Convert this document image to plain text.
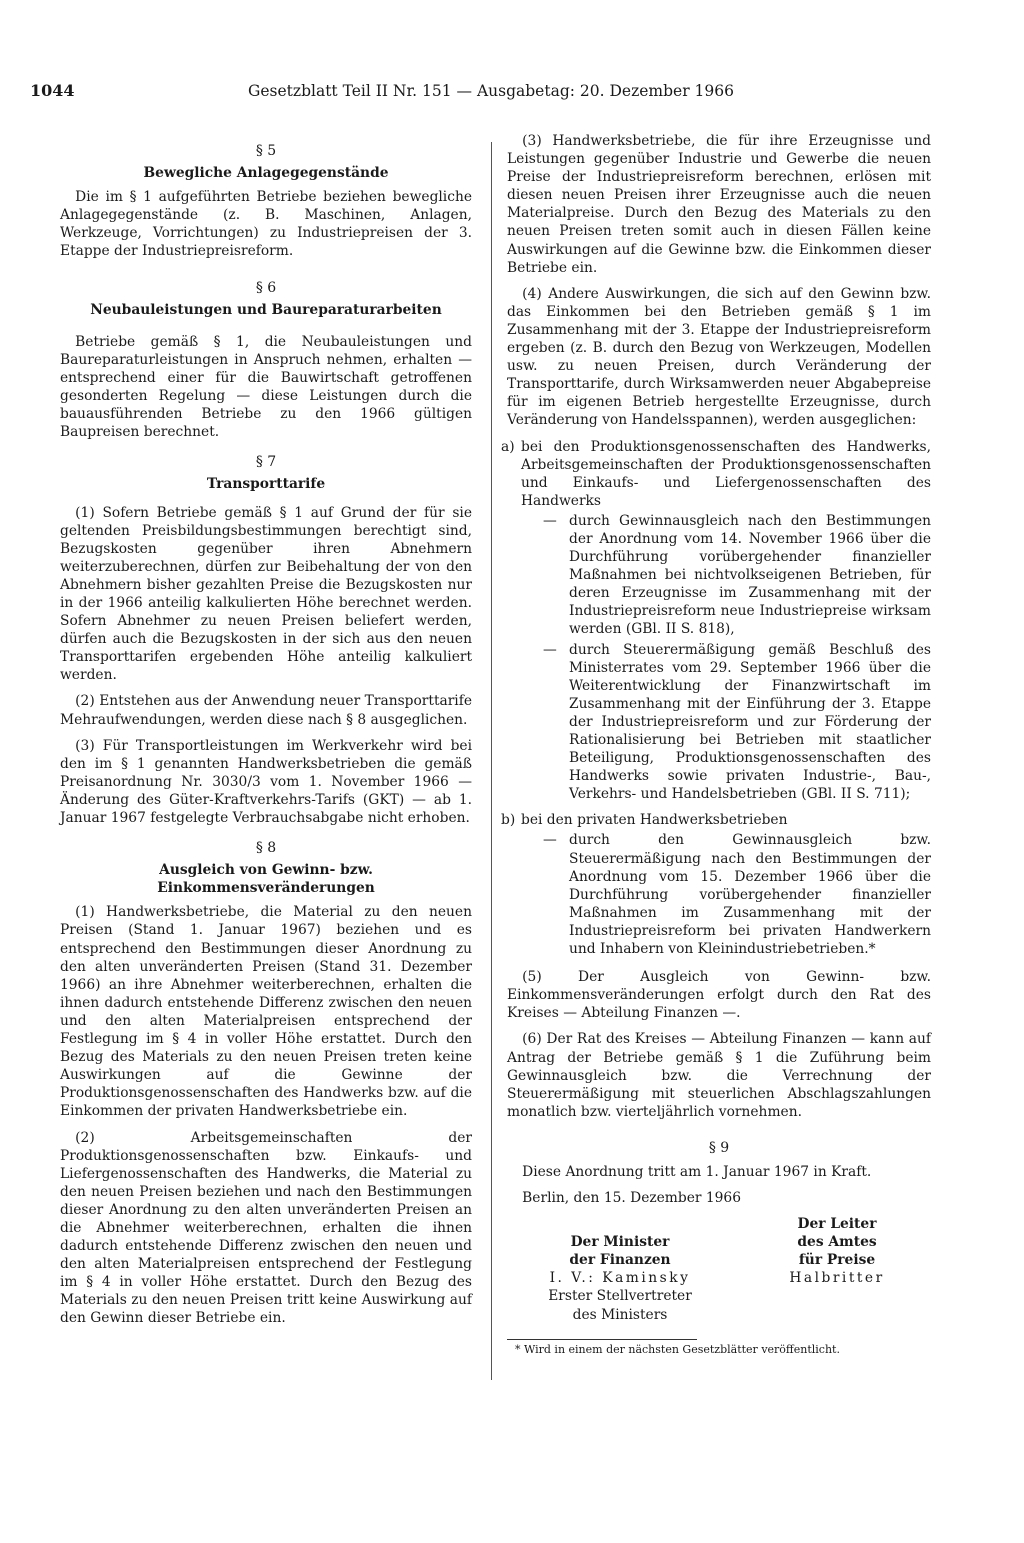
1044	Gesetzblatt Teil II Nr. 151 — Ausgabetag: 20. Dezember 1966
§ 5
Bewegliche Anlagegegenstände

Die im § 1 aufgeführten Betriebe beziehen bewegliche Anlagegegenstände (z. B. Maschinen, Anlagen, Werkzeuge, Vorrichtungen) zu Industriepreisen der 3. Etappe der Industriepreisreform.

§ 6
Neubauleistungen und Baureparaturarbeiten

Betriebe gemäß § 1, die Neubauleistungen und Baureparaturleistungen in Anspruch nehmen, erhalten — entsprechend einer für die Bauwirtschaft getroffenen gesonderten Regelung — diese Leistungen durch die bauausführenden Betriebe zu den 1966 gültigen Baupreisen berechnet.

§ 7
Transporttarife

(1) Sofern Betriebe gemäß § 1 auf Grund der für sie geltenden Preisbildungsbestimmungen berechtigt sind, Bezugskosten gegenüber ihren Abnehmern weiterzuberechnen, dürfen zur Beibehaltung der von den Abnehmern bisher gezahlten Preise die Bezugskosten nur in der 1966 anteilig kalkulierten Höhe berechnet werden. Sofern Abnehmer zu neuen Preisen beliefert werden, dürfen auch die Bezugskosten in der sich aus den neuen Transporttarifen ergebenden Höhe anteilig kalkuliert werden.

(2) Entstehen aus der Anwendung neuer Transporttarife Mehraufwendungen, werden diese nach § 8 ausgeglichen.

(3) Für Transportleistungen im Werkverkehr wird bei den im § 1 genannten Handwerksbetrieben die gemäß Preisanordnung Nr. 3030/3 vom 1. November 1966 — Änderung des Güter-Kraftverkehrs-Tarifs (GKT) — ab 1. Januar 1967 festgelegte Verbrauchsabgabe nicht erhoben.

§ 8
Ausgleich von Gewinn- bzw.
Einkommensveränderungen

(1) Handwerksbetriebe, die Material zu den neuen Preisen (Stand 1. Januar 1967) beziehen und es entsprechend den Bestimmungen dieser Anordnung zu den alten unveränderten Preisen (Stand 31. Dezember 1966) an ihre Abnehmer weiterberechnen, erhalten die ihnen dadurch entstehende Differenz zwischen den neuen und den alten Materialpreisen entsprechend der Festlegung im § 4 in voller Höhe erstattet. Durch den Bezug des Materials zu den neuen Preisen treten keine Auswirkungen auf die Gewinne der Produktionsgenossenschaften des Handwerks bzw. auf die Einkommen der privaten Handwerksbetriebe ein.

(2) Arbeitsgemeinschaften der Produktionsgenossenschaften bzw. Einkaufs- und Liefergenossenschaften des Handwerks, die Material zu den neuen Preisen beziehen und nach den Bestimmungen dieser Anordnung zu den alten unveränderten Preisen an die Abnehmer weiterberechnen, erhalten die ihnen dadurch entstehende Differenz zwischen den neuen und den alten Materialpreisen entsprechend der Festlegung im § 4 in voller Höhe erstattet. Durch den Bezug des Materials zu den neuen Preisen tritt keine Auswirkung auf den Gewinn dieser Betriebe ein.

(3) Handwerksbetriebe, die für ihre Erzeugnisse und Leistungen gegenüber Industrie und Gewerbe die neuen Preise der Industriepreisreform berechnen, erlösen mit diesen neuen Preisen ihrer Erzeugnisse auch die neuen Materialpreise. Durch den Bezug des Materials zu den neuen Preisen treten somit auch in diesen Fällen keine Auswirkungen auf die Gewinne bzw. die Einkommen dieser Betriebe ein.

(4) Andere Auswirkungen, die sich auf den Gewinn bzw. das Einkommen bei den Betrieben gemäß § 1 im Zusammenhang mit der 3. Etappe der Industriepreisreform ergeben (z. B. durch den Bezug von Werkzeugen, Modellen usw. zu neuen Preisen, durch Veränderung der Transporttarife, durch Wirksamwerden neuer Abgabepreise für im eigenen Betrieb hergestellte Erzeugnisse, durch Veränderung von Handelsspannen), werden ausgeglichen:

a) bei den Produktionsgenossenschaften des Handwerks, Arbeitsgemeinschaften der Produktionsgenossenschaften und Einkaufs- und Liefergenossenschaften des Handwerks
— durch Gewinnausgleich nach den Bestimmungen der Anordnung vom 14. November 1966 über die Durchführung vorübergehender finanzieller Maßnahmen bei nichtvolkseigenen Betrieben, für deren Erzeugnisse im Zusammenhang mit der Industriepreisreform neue Industriepreise wirksam werden (GBl. II S. 818),
— durch Steuerermäßigung gemäß Beschluß des Ministerrates vom 29. September 1966 über die Weiterentwicklung der Finanzwirtschaft im Zusammenhang mit der Einführung der 3. Etappe der Industriepreisreform und zur Förderung der Rationalisierung bei Betrieben mit staatlicher Beteiligung, Produktionsgenossenschaften des Handwerks sowie privaten Industrie-, Bau-, Verkehrs- und Handelsbetrieben (GBl. II S. 711);
b) bei den privaten Handwerksbetrieben
— durch den Gewinnausgleich bzw. Steuerermäßigung nach den Bestimmungen der Anordnung vom 15. Dezember 1966 über die Durchführung vorübergehender finanzieller Maßnahmen im Zusammenhang mit der Industriepreisreform bei privaten Handwerkern und Inhabern von Kleinindustriebetrieben.*

(5) Der Ausgleich von Gewinn- bzw. Einkommensveränderungen erfolgt durch den Rat des Kreises — Abteilung Finanzen —.

(6) Der Rat des Kreises — Abteilung Finanzen — kann auf Antrag der Betriebe gemäß § 1 die Zuführung beim Gewinnausgleich bzw. die Verrechnung der Steuerermäßigung mit steuerlichen Abschlagszahlungen monatlich bzw. vierteljährlich vornehmen.

§ 9

Diese Anordnung tritt am 1. Januar 1967 in Kraft.

Berlin, den 15. Dezember 1966

Der Minister
der Finanzen
I. V.: Kaminsky
Erster Stellvertreter
des Ministers
Der Leiter
des Amtes
für Preise
Halbritter
* Wird in einem der nächsten Gesetzblätter veröffentlicht.
